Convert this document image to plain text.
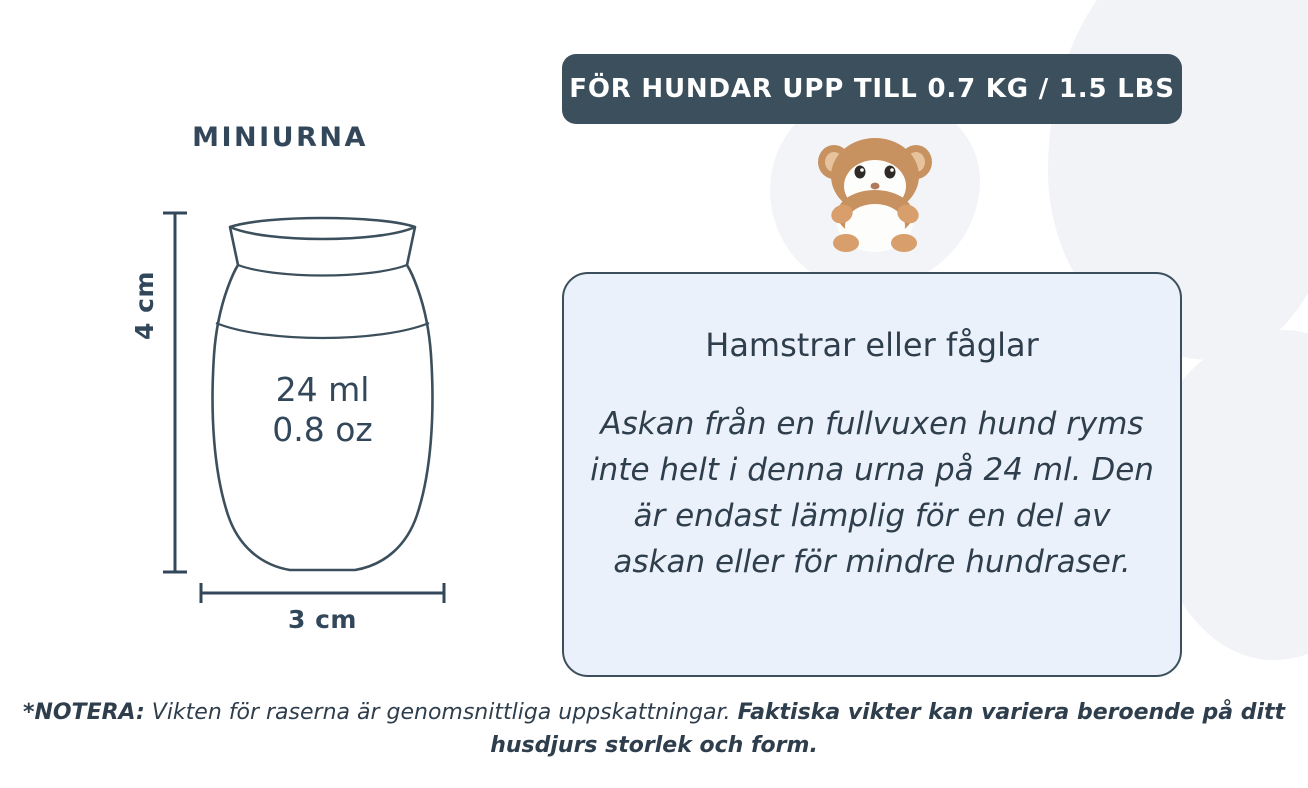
MINIURNA
4 cm
24 ml
0.8 oz
3 cm
FÖR HUNDAR UPP TILL 0.7 KG / 1.5 LBS
Hamstrar eller fåglar
Askan från en fullvuxen hund ryms inte helt i denna urna på 24 ml. Den är endast lämplig för en del av askan eller för mindre hundraser.
*NOTERA: Vikten för raserna är genomsnittliga uppskattningar. Faktiska vikter kan variera beroende på ditt husdjurs storlek och form.
